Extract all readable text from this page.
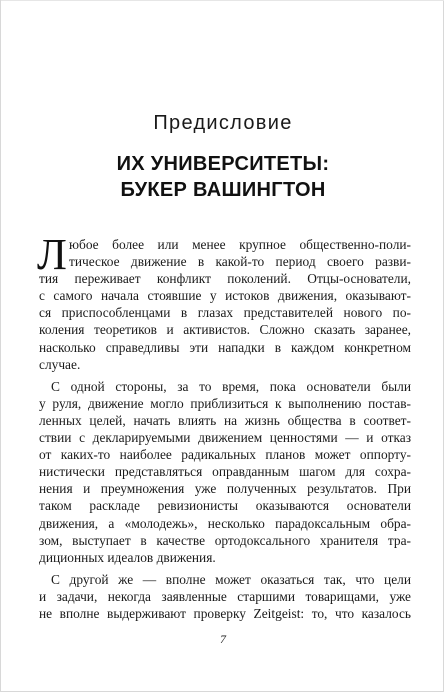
Предисловие
ИХ УНИВЕРСИТЕТЫ:
БУКЕР ВАШИНГТОН
Л юбое более или менее крупное общественно-поли-
тическое движение в какой-то период своего разви-
тия переживает конфликт поколений. Отцы-основатели,
с самого начала стоявшие у истоков движения, оказывают-
ся приспособленцами в глазах представителей нового по-
коления теоретиков и активистов. Сложно сказать заранее,
насколько справедливы эти нападки в каждом конкретном
случае.
С одной стороны, за то время, пока основатели были
у руля, движение могло приблизиться к выполнению постав-
ленных целей, начать влиять на жизнь общества в соответ-
ствии с декларируемыми движением ценностями — и отказ
от каких-то наиболее радикальных планов может оппорту-
нистически представляться оправданным шагом для сохра-
нения и преумножения уже полученных результатов. При
таком раскладе ревизионисты оказываются основатели
движения, а «молодежь», несколько парадоксальным обра-
зом, выступает в качестве ортодоксального хранителя тра-
диционных идеалов движения.
С другой же — вполне может оказаться так, что цели
и задачи, некогда заявленные старшими товарищами, уже
не вполне выдерживают проверку Zeitgeist: то, что казалось
7
